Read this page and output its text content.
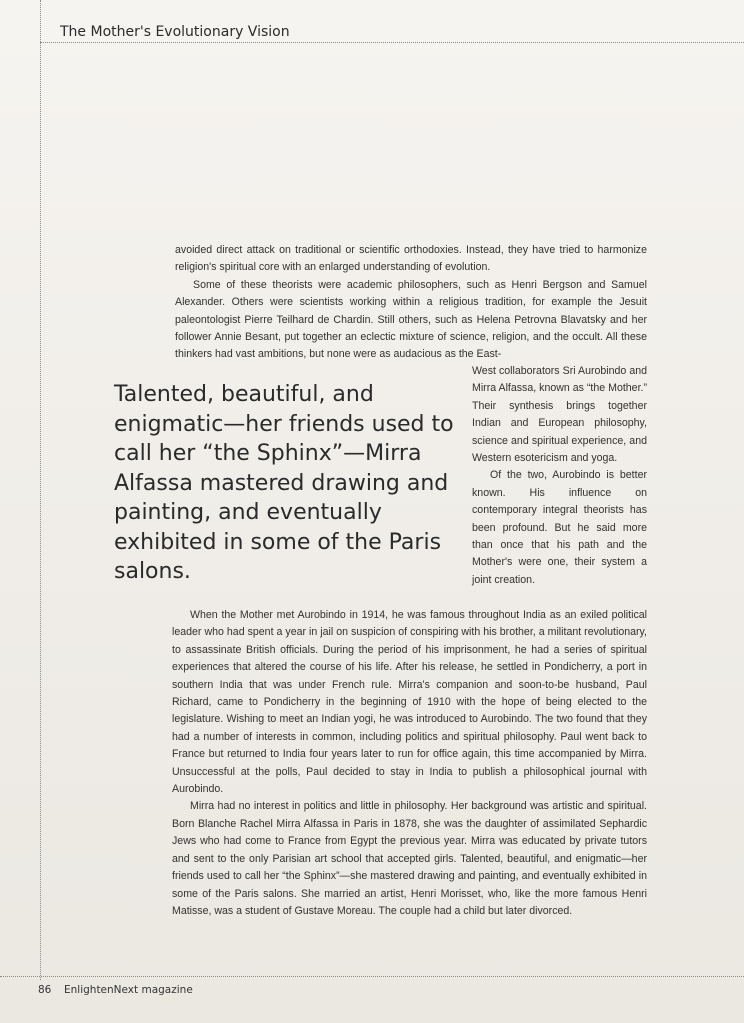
The Mother's Evolutionary Vision

avoided direct attack on traditional or scientific orthodoxies. Instead, they have tried to harmonize religion's spiritual core with an enlarged understanding of evolution.

Some of these theorists were academic philosophers, such as Henri Bergson and Samuel Alexander. Others were scientists working within a religious tradition, for example the Jesuit paleontologist Pierre Teilhard de Chardin. Still others, such as Helena Petrovna Blavatsky and her follower Annie Besant, put together an eclectic mixture of science, religion, and the occult. All these thinkers had vast ambitions, but none were as audacious as the East-

Talented, beautiful, and enigmatic—her friends used to call her “the Sphinx”—Mirra Alfassa mastered drawing and painting, and eventually exhibited in some of the Paris salons.

West collaborators Sri Aurobindo and Mirra Alfassa, known as “the Mother.” Their synthesis brings together Indian and European philosophy, science and spiritual experience, and Western esotericism and yoga.

Of the two, Aurobindo is better known. His influence on contemporary integral theorists has been profound. But he said more than once that his path and the Mother's were one, their system a joint creation.

When the Mother met Aurobindo in 1914, he was famous throughout India as an exiled political leader who had spent a year in jail on suspicion of conspiring with his brother, a militant revolutionary, to assassinate British officials. During the period of his imprisonment, he had a series of spiritual experiences that altered the course of his life. After his release, he settled in Pondicherry, a port in southern India that was under French rule. Mirra's companion and soon-to-be husband, Paul Richard, came to Pondicherry in the beginning of 1910 with the hope of being elected to the legislature. Wishing to meet an Indian yogi, he was introduced to Aurobindo. The two found that they had a number of interests in common, including politics and spiritual philosophy. Paul went back to France but returned to India four years later to run for office again, this time accompanied by Mirra. Unsuccessful at the polls, Paul decided to stay in India to publish a philosophical journal with Aurobindo.

Mirra had no interest in politics and little in philosophy. Her background was artistic and spiritual. Born Blanche Rachel Mirra Alfassa in Paris in 1878, she was the daughter of assimilated Sephardic Jews who had come to France from Egypt the previous year. Mirra was educated by private tutors and sent to the only Parisian art school that accepted girls. Talented, beautiful, and enigmatic—her friends used to call her “the Sphinx”—she mastered drawing and painting, and eventually exhibited in some of the Paris salons. She married an artist, Henri Morisset, who, like the more famous Henri Matisse, was a student of Gustave Moreau. The couple had a child but later divorced.

86 EnlightenNext magazine
